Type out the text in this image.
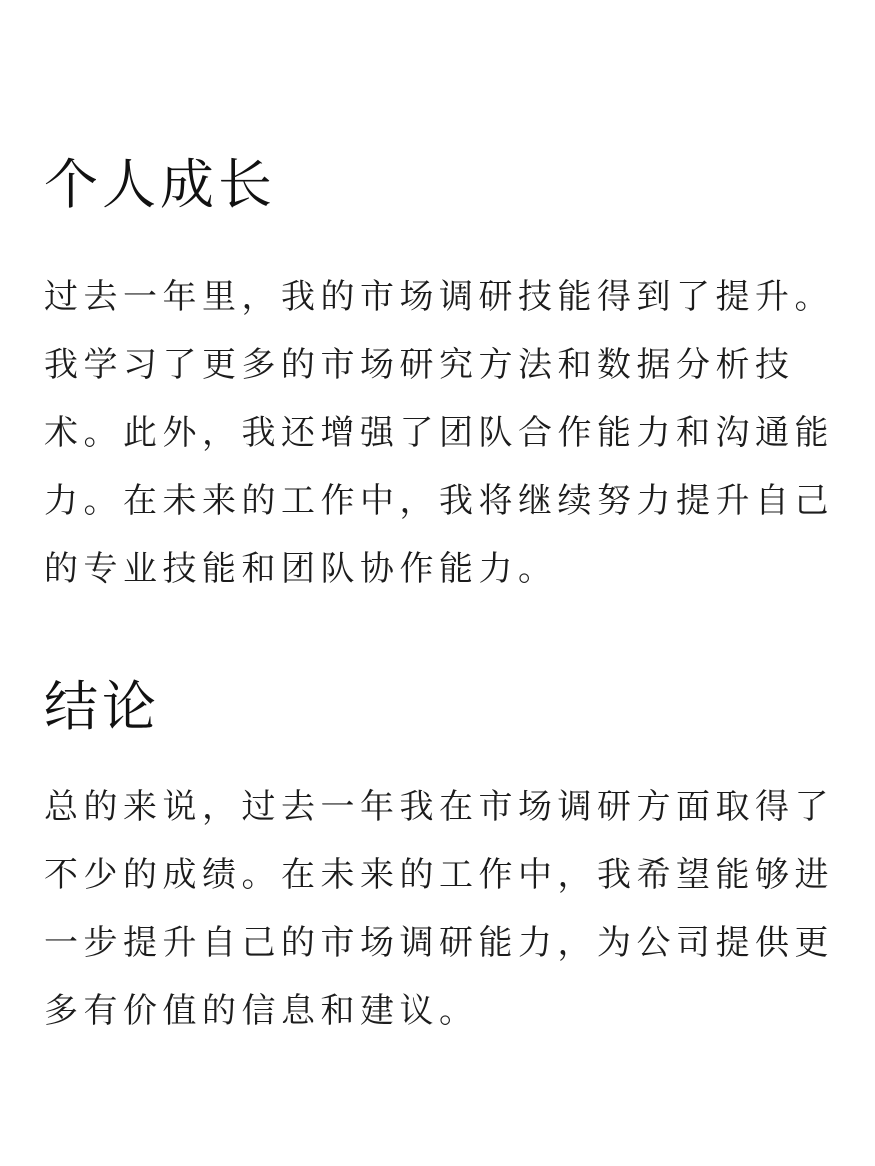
个人成长
过去一年里，我的市场调研技能得到了提升。
我学习了更多的市场研究方法和数据分析技
术。此外，我还增强了团队合作能力和沟通能
力。在未来的工作中，我将继续努力提升自己
的专业技能和团队协作能力。
结论
总的来说，过去一年我在市场调研方面取得了
不少的成绩。在未来的工作中，我希望能够进
一步提升自己的市场调研能力，为公司提供更
多有价值的信息和建议。
